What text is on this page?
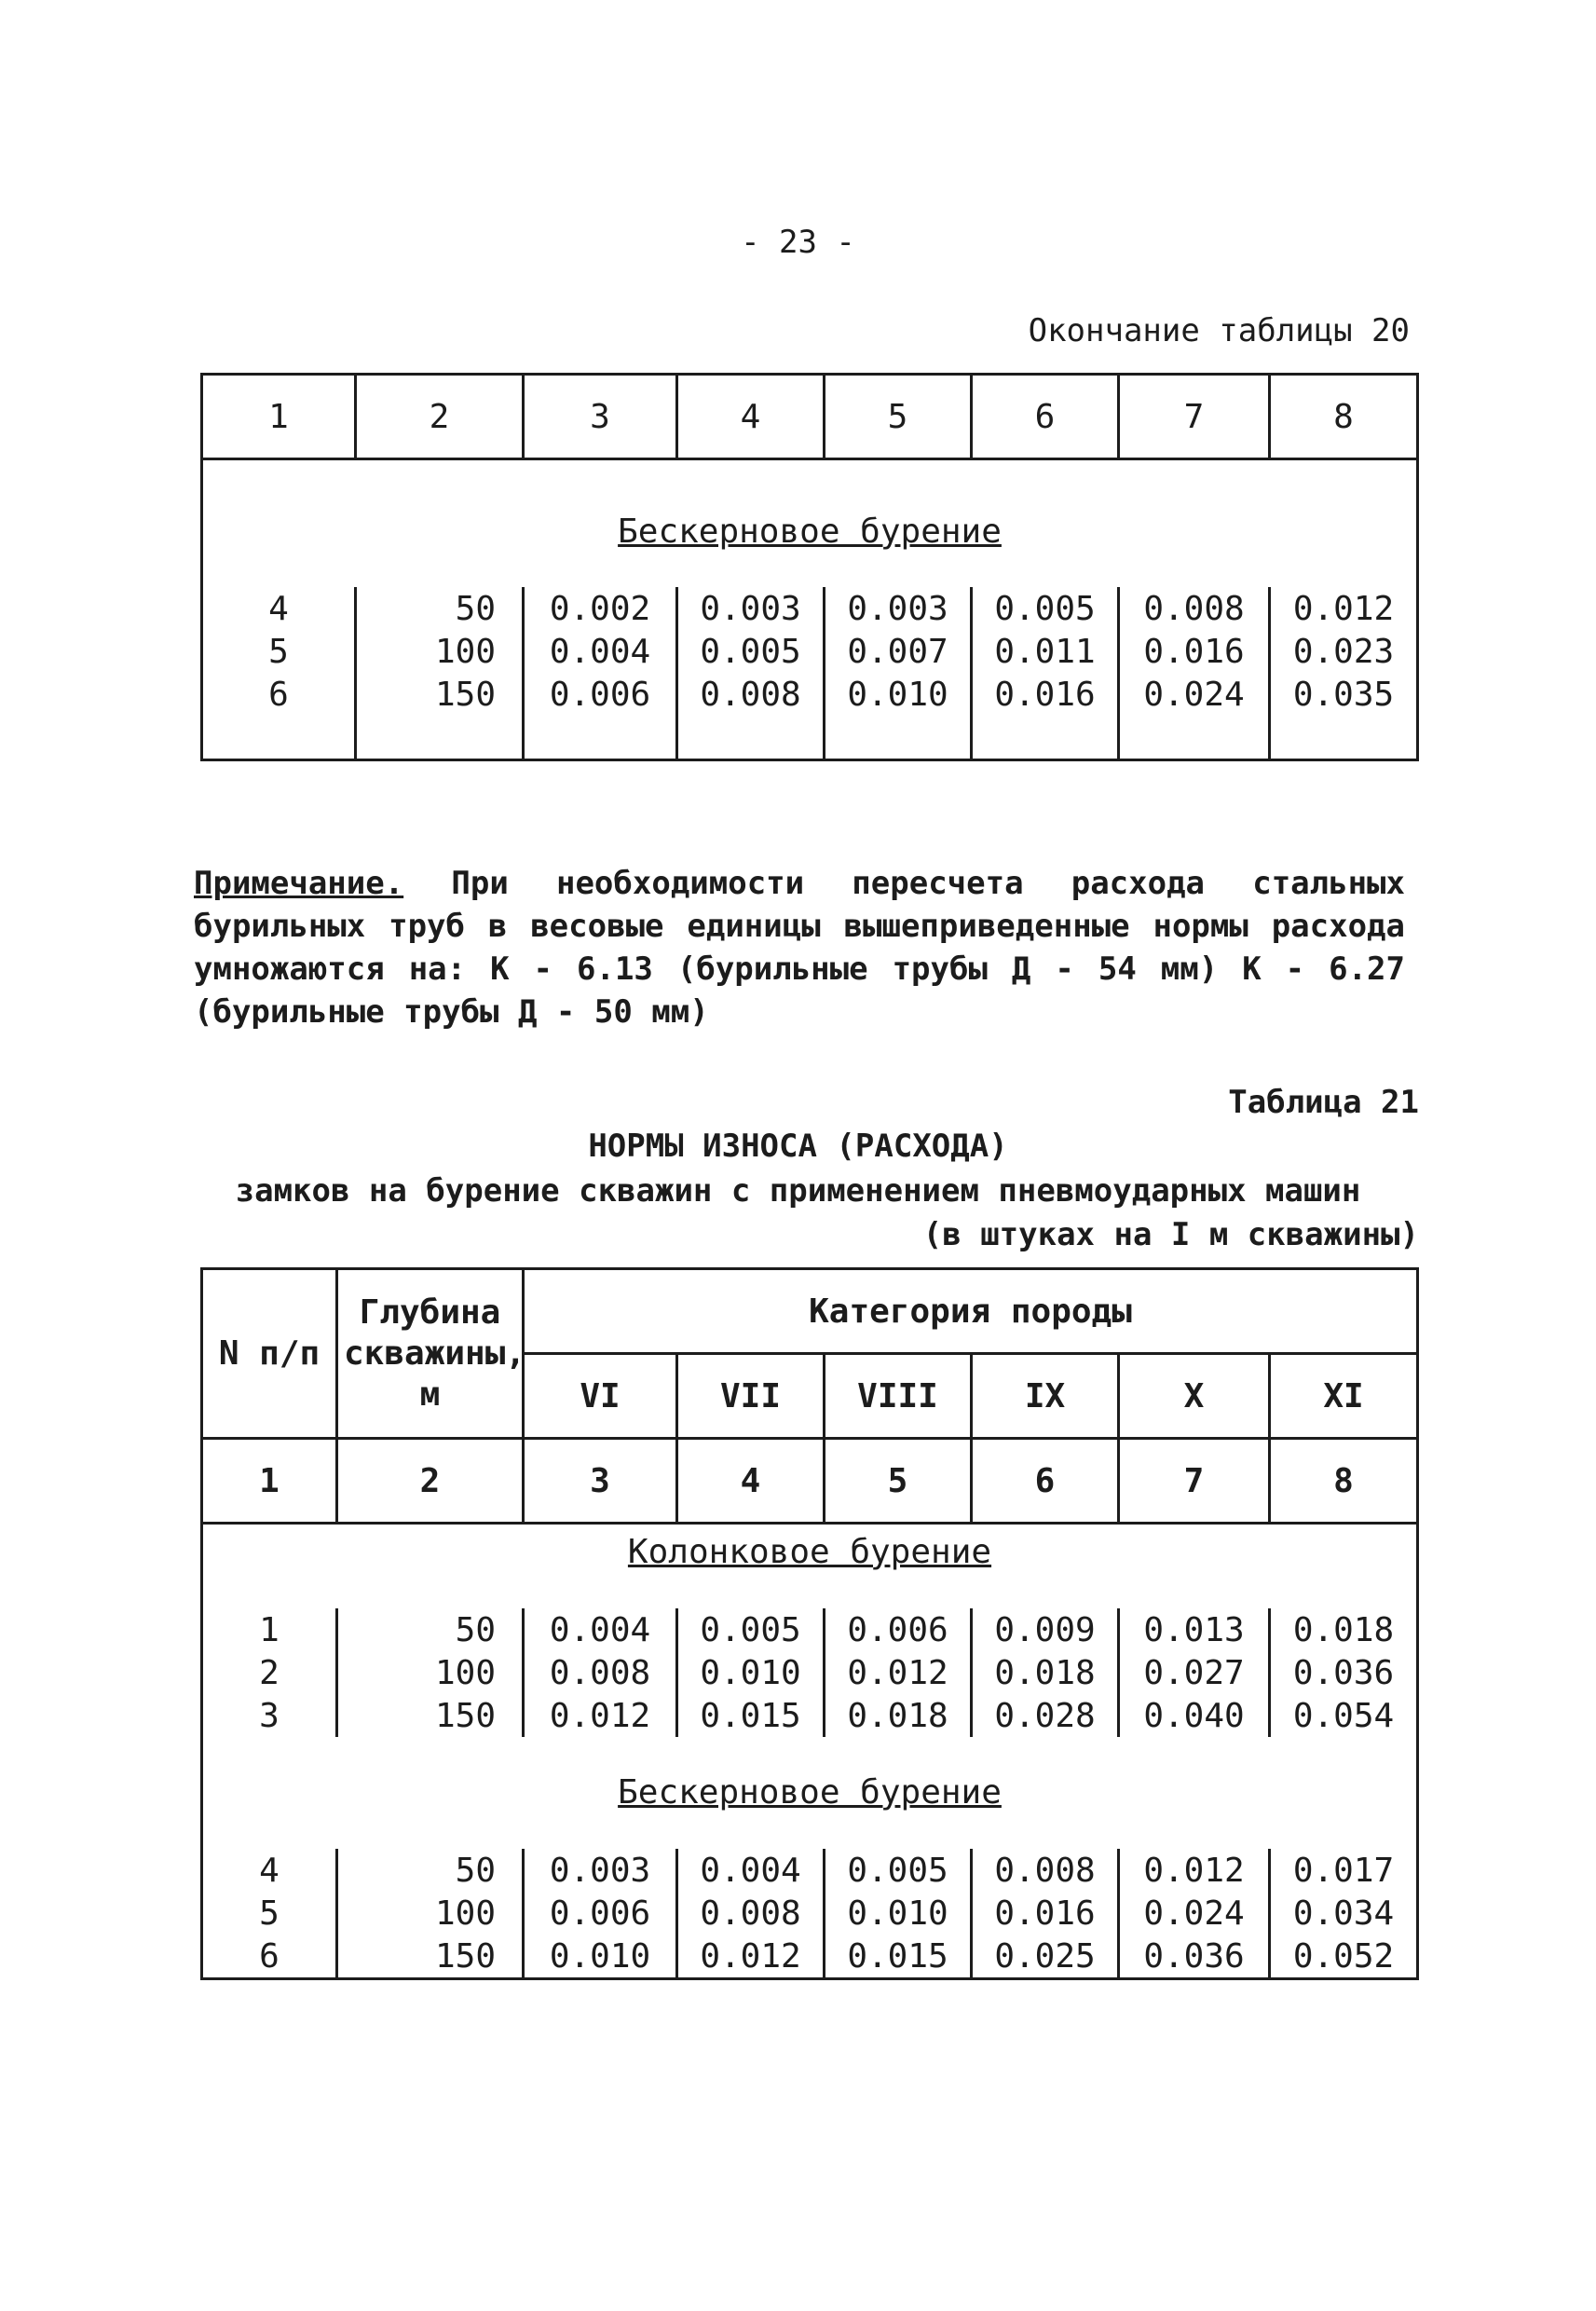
- 23 -
Окончание таблицы 20
1	2	3	4	5	6	7	8

Бескерновое бурение							

4	50	0.002	0.003	0.003	0.005	0.008	0.012
5	100	0.004	0.005	0.007	0.011	0.016	0.023
6	150	0.006	0.008	0.010	0.016	0.024	0.035

Примечание. При необходимости пересчета расхода стальных бурильных труб в весовые единицы вышеприведенные нормы расхода умножаются на: К - 6.13 (бурильные трубы Д - 54 мм) К - 6.27 (бурильные трубы Д - 50 мм)
Таблица 21
НОРМЫ ИЗНОСА (РАСХОДА)
замков на бурение скважин с применением пневмоударных машин
(в штуках на I м скважины)
N п/п	Глубина скважины, м	Категория породы					
		VI	VII	VIII	IX	X	XI
1	2	3	4	5	6	7	8
Колонковое бурение							

1	50	0.004	0.005	0.006	0.009	0.013	0.018
2	100	0.008	0.010	0.012	0.018	0.027	0.036
3	150	0.012	0.015	0.018	0.028	0.040	0.054

Бескерновое бурение							

4	50	0.003	0.004	0.005	0.008	0.012	0.017
5	100	0.006	0.008	0.010	0.016	0.024	0.034
6	150	0.010	0.012	0.015	0.025	0.036	0.052
